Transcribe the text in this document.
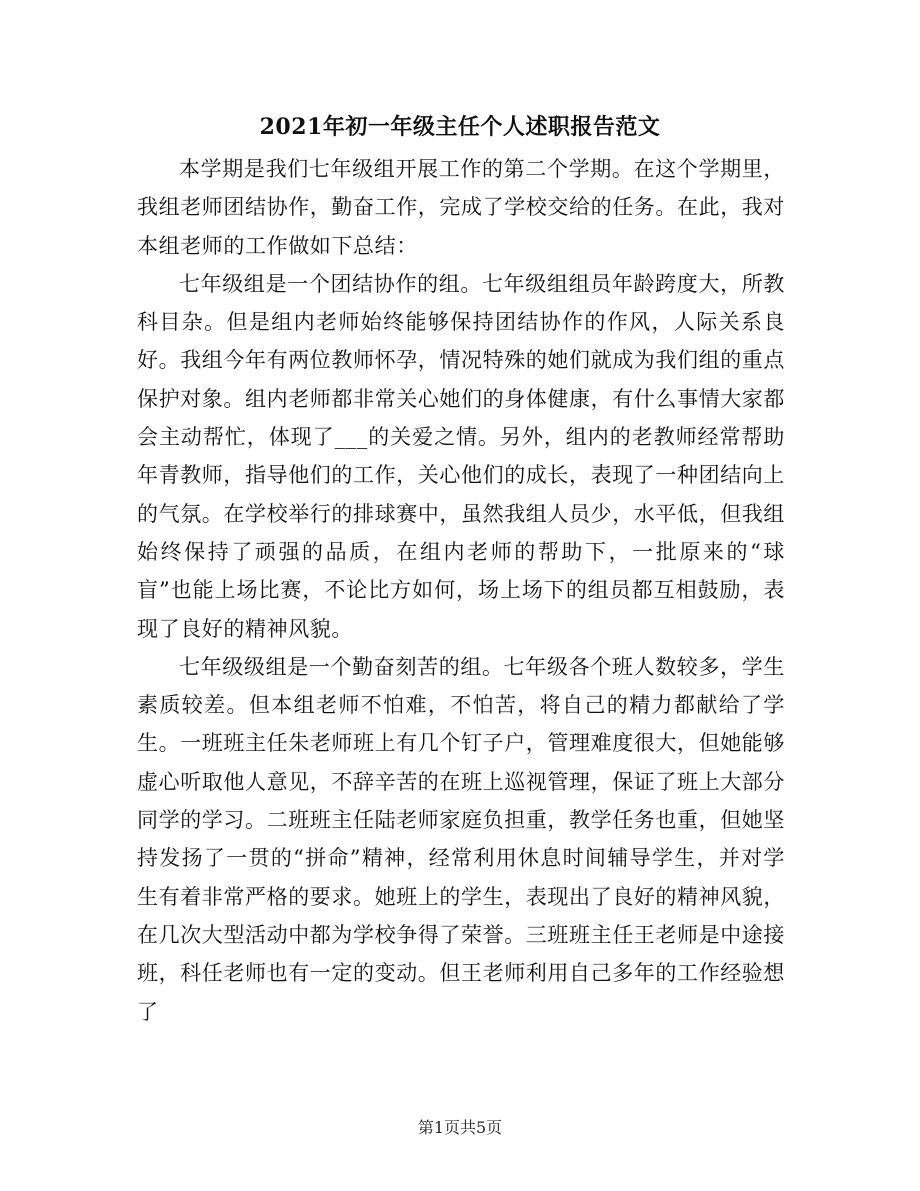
2021年初一年级主任个人述职报告范文

本学期是我们七年级组开展工作的第二个学期。在这个学期里，我组老师团结协作，勤奋工作，完成了学校交给的任务。在此，我对本组老师的工作做如下总结：

七年级组是一个团结协作的组。七年级组组员年龄跨度大，所教科目杂。但是组内老师始终能够保持团结协作的作风，人际关系良好。我组今年有两位教师怀孕，情况特殊的她们就成为我们组的重点保护对象。组内老师都非常关心她们的身体健康，有什么事情大家都会主动帮忙，体现了___的关爱之情。另外，组内的老教师经常帮助年青教师，指导他们的工作，关心他们的成长，表现了一种团结向上的气氛。在学校举行的排球赛中，虽然我组人员少，水平低，但我组始终保持了顽强的品质，在组内老师的帮助下，一批原来的“球盲”也能上场比赛，不论比方如何，场上场下的组员都互相鼓励，表现了良好的精神风貌。

七年级级组是一个勤奋刻苦的组。七年级各个班人数较多，学生素质较差。但本组老师不怕难，不怕苦，将自己的精力都献给了学生。一班班主任朱老师班上有几个钉子户，管理难度很大，但她能够虚心听取他人意见，不辞辛苦的在班上巡视管理，保证了班上大部分同学的学习。二班班主任陆老师家庭负担重，教学任务也重，但她坚持发扬了一贯的“拼命”精神，经常利用休息时间辅导学生，并对学生有着非常严格的要求。她班上的学生，表现出了良好的精神风貌，在几次大型活动中都为学校争得了荣誉。三班班主任王老师是中途接班，科任老师也有一定的变动。但王老师利用自己多年的工作经验想了

第1页共5页
